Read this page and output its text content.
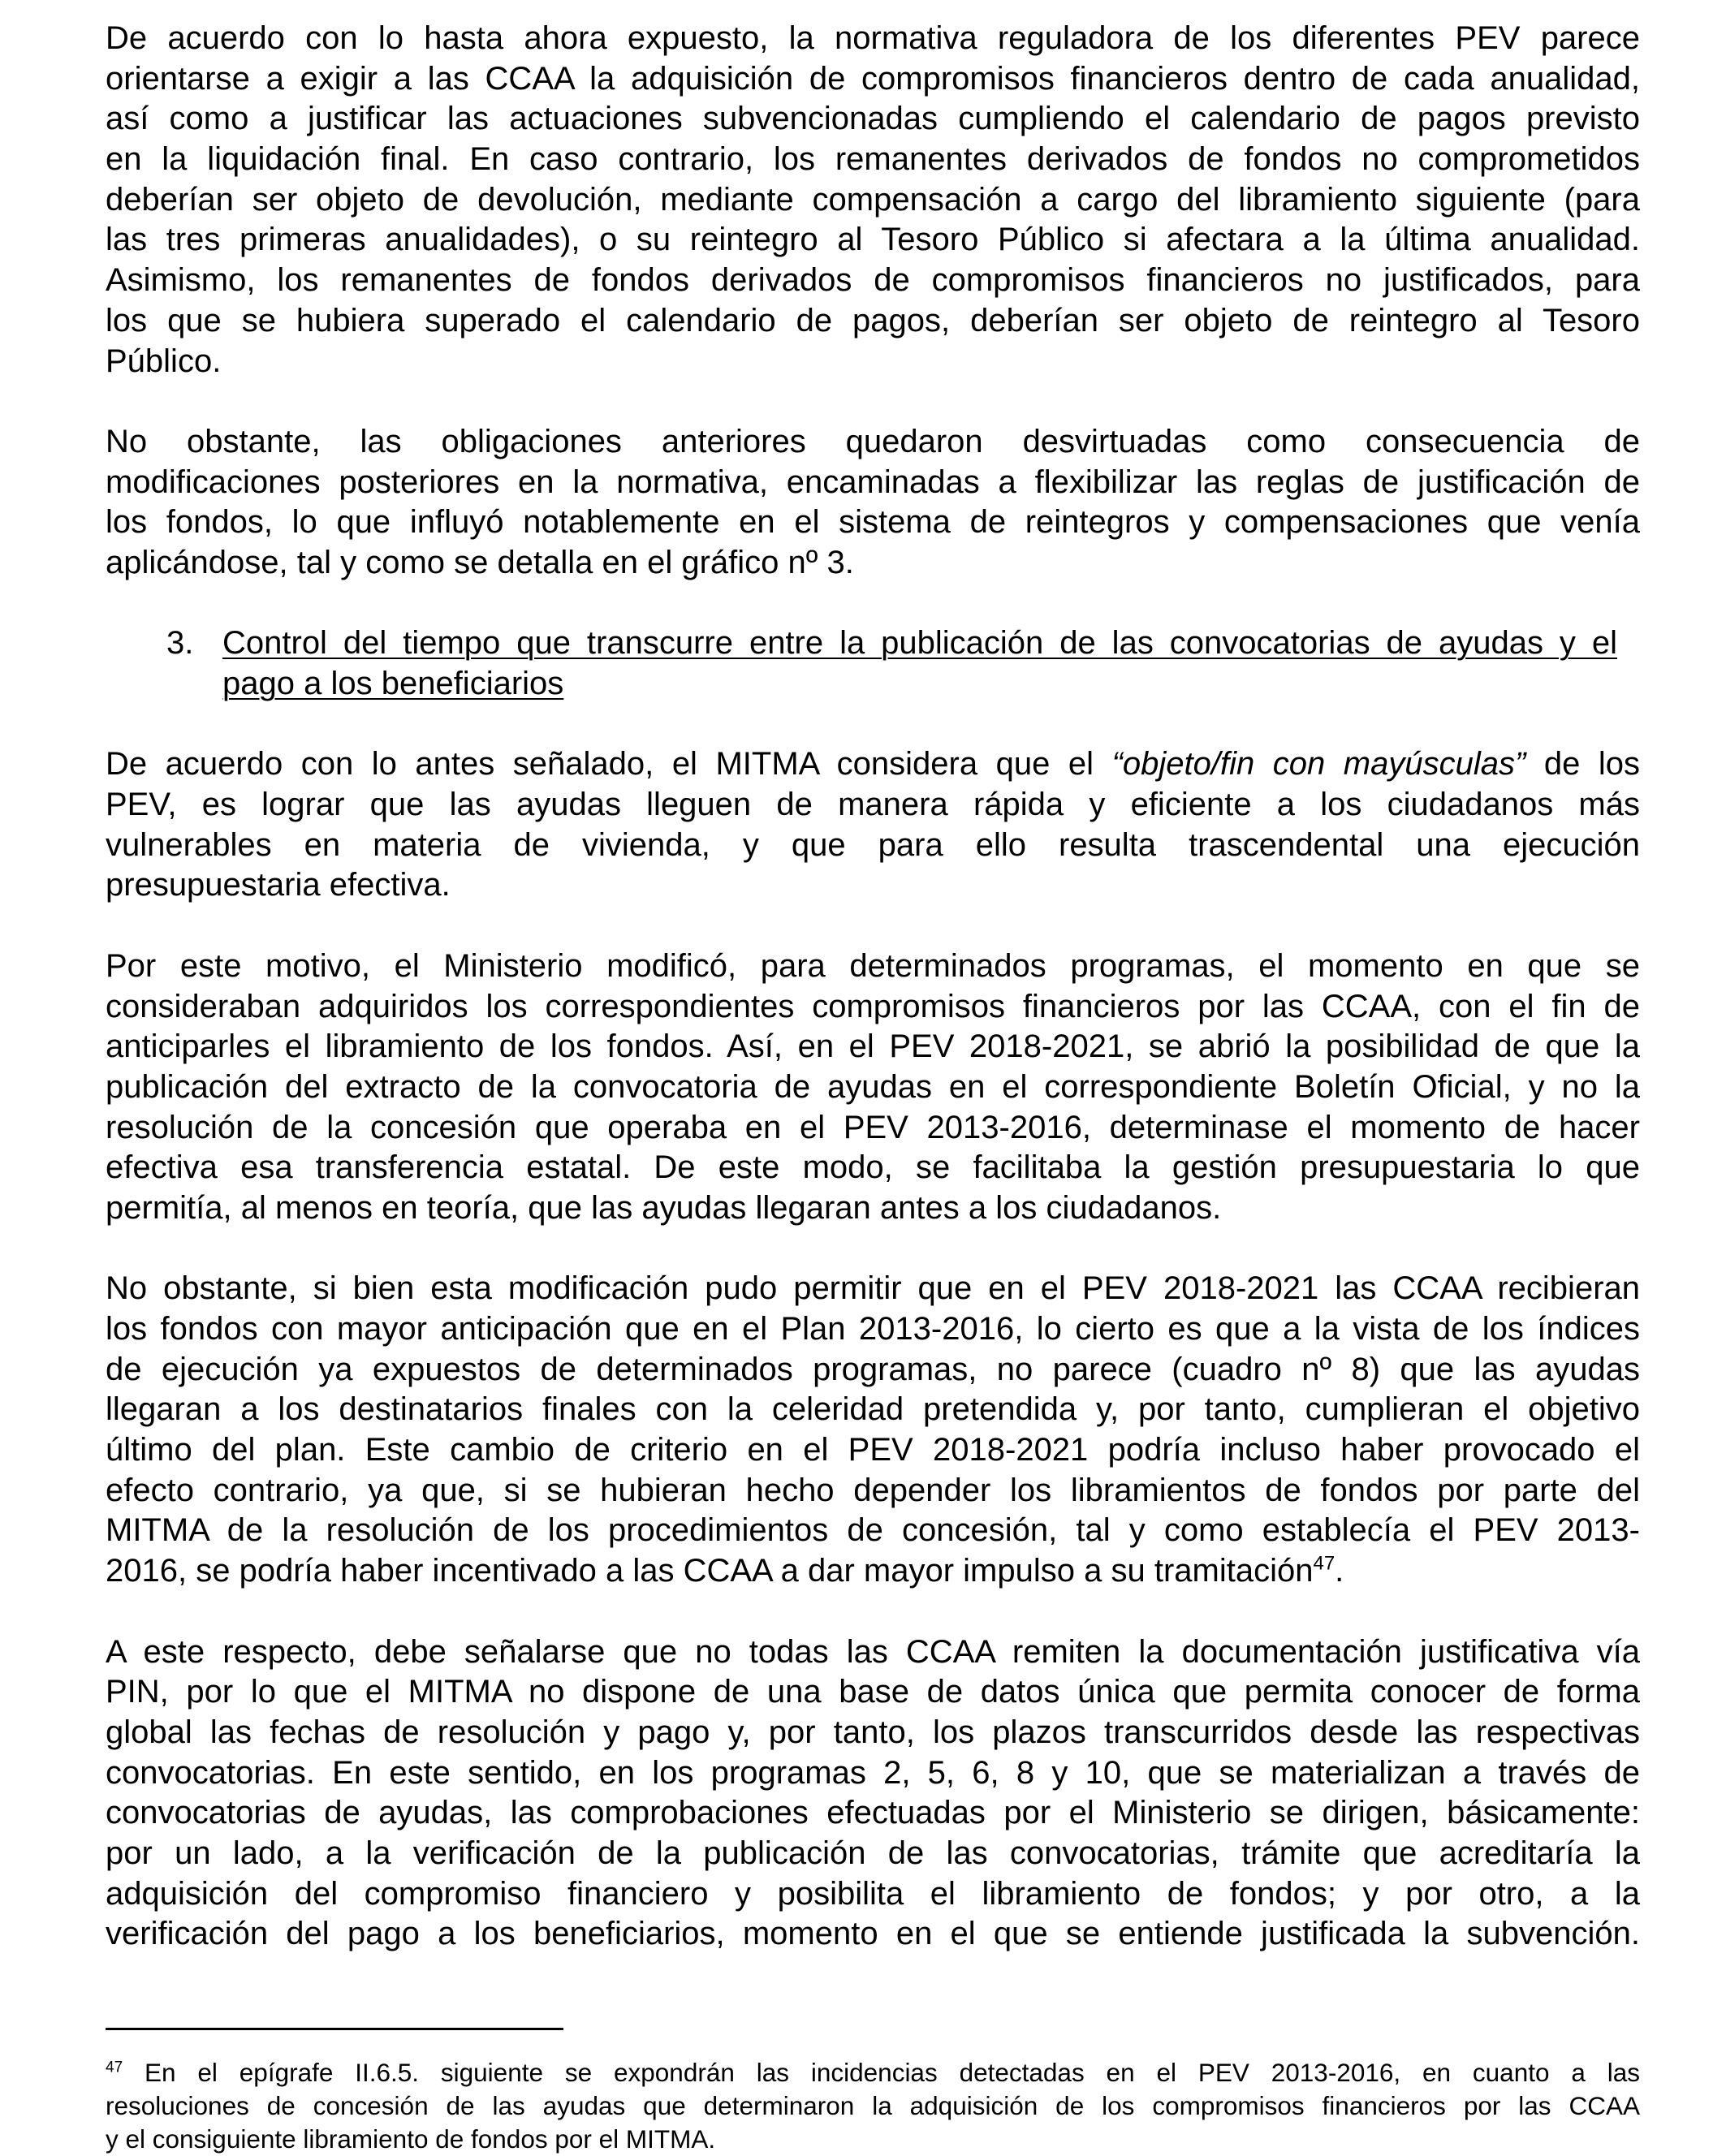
De acuerdo con lo hasta ahora expuesto, la normativa reguladora de los diferentes PEV parece
orientarse a exigir a las CCAA la adquisición de compromisos financieros dentro de cada anualidad,
así como a justificar las actuaciones subvencionadas cumpliendo el calendario de pagos previsto
en la liquidación final. En caso contrario, los remanentes derivados de fondos no comprometidos
deberían ser objeto de devolución, mediante compensación a cargo del libramiento siguiente (para
las tres primeras anualidades), o su reintegro al Tesoro Público si afectara a la última anualidad.
Asimismo, los remanentes de fondos derivados de compromisos financieros no justificados, para
los que se hubiera superado el calendario de pagos, deberían ser objeto de reintegro al Tesoro
Público.
No obstante, las obligaciones anteriores quedaron desvirtuadas como consecuencia de
modificaciones posteriores en la normativa, encaminadas a flexibilizar las reglas de justificación de
los fondos, lo que influyó notablemente en el sistema de reintegros y compensaciones que venía
aplicándose, tal y como se detalla en el gráfico nº 3.
3. Control del tiempo que transcurre entre la publicación de las convocatorias de ayudas y el
pago a los beneficiarios
De acuerdo con lo antes señalado, el MITMA considera que el “objeto/fin con mayúsculas” de los
PEV, es lograr que las ayudas lleguen de manera rápida y eficiente a los ciudadanos más
vulnerables en materia de vivienda, y que para ello resulta trascendental una ejecución
presupuestaria efectiva.
Por este motivo, el Ministerio modificó, para determinados programas, el momento en que se
consideraban adquiridos los correspondientes compromisos financieros por las CCAA, con el fin de
anticiparles el libramiento de los fondos. Así, en el PEV 2018-2021, se abrió la posibilidad de que la
publicación del extracto de la convocatoria de ayudas en el correspondiente Boletín Oficial, y no la
resolución de la concesión que operaba en el PEV 2013-2016, determinase el momento de hacer
efectiva esa transferencia estatal. De este modo, se facilitaba la gestión presupuestaria lo que
permitía, al menos en teoría, que las ayudas llegaran antes a los ciudadanos.
No obstante, si bien esta modificación pudo permitir que en el PEV 2018-2021 las CCAA recibieran
los fondos con mayor anticipación que en el Plan 2013-2016, lo cierto es que a la vista de los índices
de ejecución ya expuestos de determinados programas, no parece (cuadro nº 8) que las ayudas
llegaran a los destinatarios finales con la celeridad pretendida y, por tanto, cumplieran el objetivo
último del plan. Este cambio de criterio en el PEV 2018-2021 podría incluso haber provocado el
efecto contrario, ya que, si se hubieran hecho depender los libramientos de fondos por parte del
MITMA de la resolución de los procedimientos de concesión, tal y como establecía el PEV 2013-
2016, se podría haber incentivado a las CCAA a dar mayor impulso a su tramitación$^{47}$.
A este respecto, debe señalarse que no todas las CCAA remiten la documentación justificativa vía
PIN, por lo que el MITMA no dispone de una base de datos única que permita conocer de forma
global las fechas de resolución y pago y, por tanto, los plazos transcurridos desde las respectivas
convocatorias. En este sentido, en los programas 2, 5, 6, 8 y 10, que se materializan a través de
convocatorias de ayudas, las comprobaciones efectuadas por el Ministerio se dirigen, básicamente:
por un lado, a la verificación de la publicación de las convocatorias, trámite que acreditaría la
adquisición del compromiso financiero y posibilita el libramiento de fondos; y por otro, a la
verificación del pago a los beneficiarios, momento en el que se entiende justificada la subvención.
$^{47}$ En el epígrafe II.6.5. siguiente se expondrán las incidencias detectadas en el PEV 2013-2016, en cuanto a las
resoluciones de concesión de las ayudas que determinaron la adquisición de los compromisos financieros por las CCAA
y el consiguiente libramiento de fondos por el MITMA.
